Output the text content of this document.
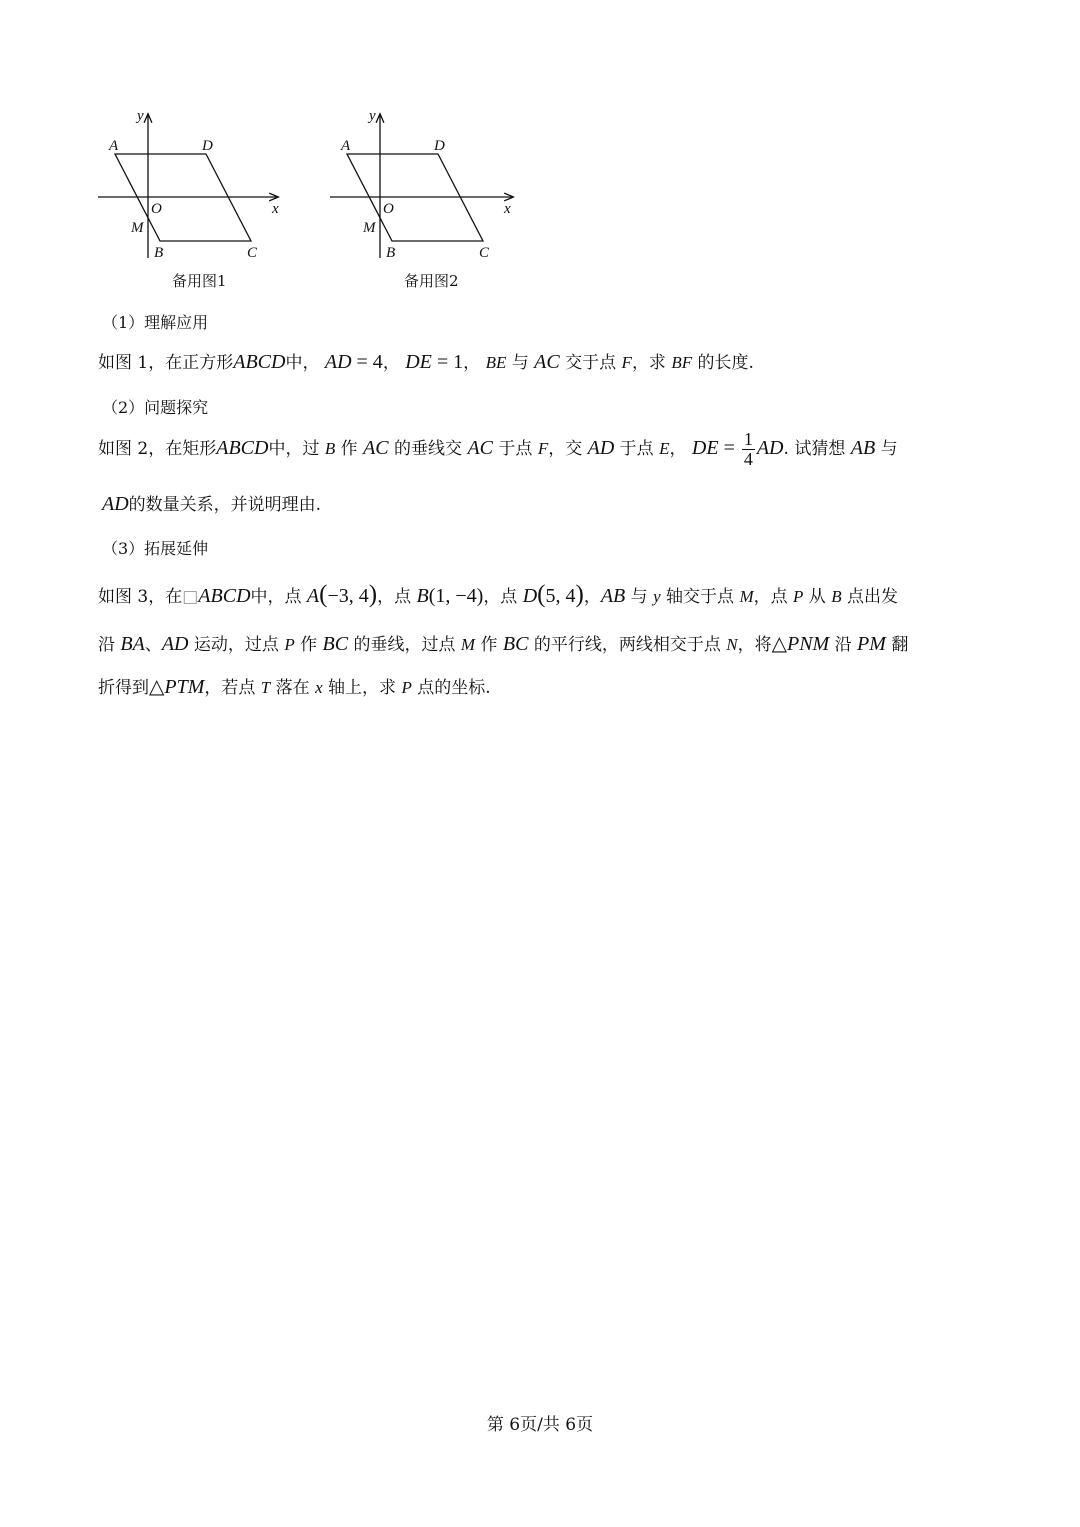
y
x
A	D
O
M
B	C
备用图1
y
x
A	D
O
M
B	C
备用图2
（1）理解应用
如图 1，在正方形ABCD中， AD = 4， DE = 1， BE 与 AC 交于点 F，求 BF 的长度.
（2）问题探究
如图 2，在矩形ABCD中，过 B 作 AC 的垂线交 AC 于点 F，交 AD 于点 E， DE = $\frac{1}{4}$ AD. 试猜想 AB 与
AD的数量关系，并说明理由.
（3）拓展延伸
如图 3，在□ABCD中，点 A(−3, 4)，点 B(1, −4)，点 D(5, 4)，AB 与 y 轴交于点 M，点 P 从 B 点出发
沿 BA、AD 运动，过点 P 作 BC 的垂线，过点 M 作 BC 的平行线，两线相交于点 N，将△PNM 沿 PM 翻
折得到△PTM，若点 T 落在 x 轴上，求 P 点的坐标.
第 6页/共 6页
